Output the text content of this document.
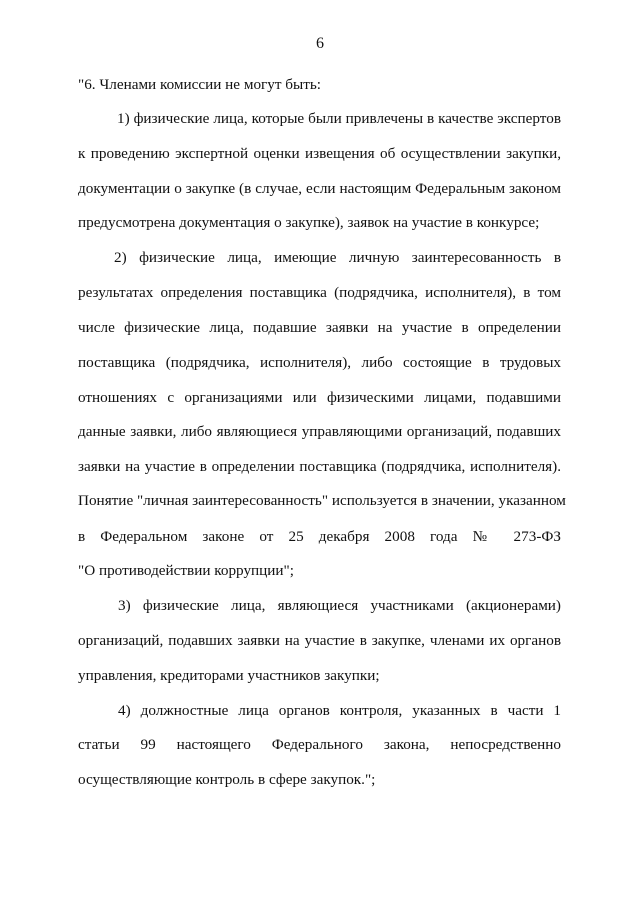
6
"6. Членами комиссии не могут быть:
1) физические лица, которые были привлечены в качестве экспертов
к проведению экспертной оценки извещения об осуществлении закупки,
документации о закупке (в случае, если настоящим Федеральным законом
предусмотрена документация о закупке), заявок на участие в конкурсе;
2) физические лица, имеющие личную заинтересованность в
результатах определения поставщика (подрядчика, исполнителя), в том
числе физические лица, подавшие заявки на участие в определении
поставщика (подрядчика, исполнителя), либо состоящие в трудовых
отношениях с организациями или физическими лицами, подавшими
данные заявки, либо являющиеся управляющими организаций, подавших
заявки на участие в определении поставщика (подрядчика, исполнителя).
Понятие "личная заинтересованность" используется в значении, указанном
в Федеральном законе от 25 декабря 2008 года № 273-ФЗ
"О противодействии коррупции";
3) физические лица, являющиеся участниками (акционерами)
организаций, подавших заявки на участие в закупке, членами их органов
управления, кредиторами участников закупки;
4) должностные лица органов контроля, указанных в части 1
статьи 99 настоящего Федерального закона, непосредственно
осуществляющие контроль в сфере закупок.";
